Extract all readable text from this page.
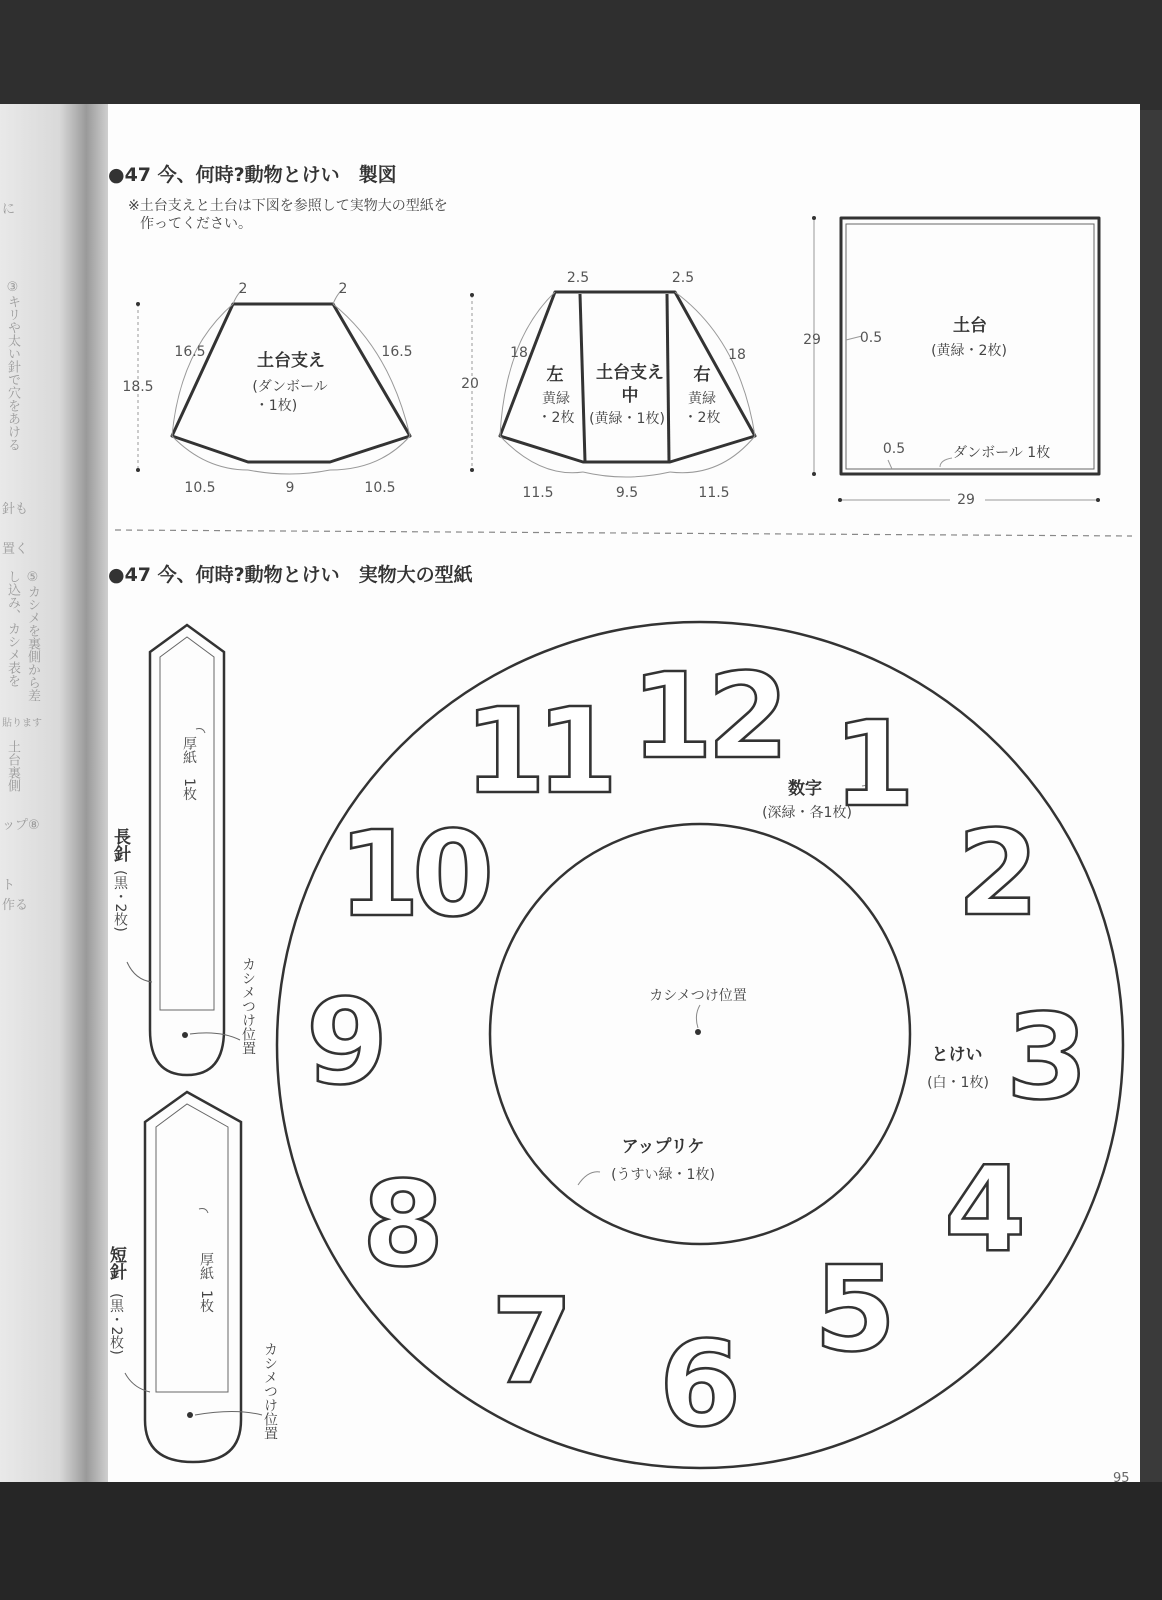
に
③キリや太い針で穴をあける
針も
置く
⑤カシメを裏側から差し込み、カシメ表を
貼ります
土台裏側
ップ⑧
ト
作る
12 1
2
3
4
5
6
7
8
9
10
11
●47 今、何時?動物とけい　製図
※土台支えと土台は下図を参照して実物大の型紙を
作ってください。
2	2
16.5	16.5
18.5
10.5	9	10.5
土台支え
(ダンボール
・1枚)
2.5	2.5
18	18
20
11.5	9.5	11.5
左
黄緑
・2枚
土台支え
中
(黄緑・1枚)
右
黄緑
・2枚
土台
(黄緑・2枚)
29	0.5
0.5	ダンボール 1枚
29
●47 今、何時?動物とけい　実物大の型紙
厚紙
1枚
長針
(黒・2枚)
カシメつけ位置
厚紙
1枚
短針
(黒・2枚)
カシメつけ位置
数字
(深緑・各1枚)
カシメつけ位置
とけい
(白・1枚)
アップリケ
(うすい緑・1枚)
95
